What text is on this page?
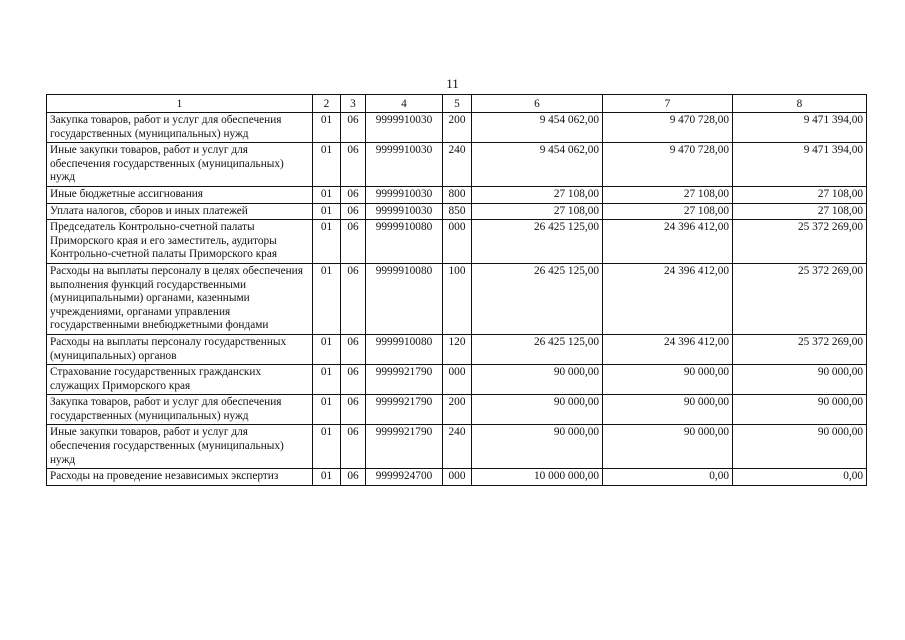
11
1	2	3	4	5	6	7	8
Закупка товаров, работ и услуг для обеспечения государственных (муниципальных) нужд	01	06	9999910030	200	9 454 062,00	9 470 728,00	9 471 394,00
Иные закупки товаров, работ и услуг для обеспечения государственных (муниципальных) нужд	01	06	9999910030	240	9 454 062,00	9 470 728,00	9 471 394,00
Иные бюджетные ассигнования	01	06	9999910030	800	27 108,00	27 108,00	27 108,00
Уплата налогов, сборов и иных платежей	01	06	9999910030	850	27 108,00	27 108,00	27 108,00
Председатель Контрольно-счетной палаты Приморского края и его заместитель, аудиторы Контрольно-счетной палаты Приморского края	01	06	9999910080	000	26 425 125,00	24 396 412,00	25 372 269,00
Расходы на выплаты персоналу в целях обеспечения выполнения функций государственными (муниципальными) органами, казенными учреждениями, органами управления государственными внебюджетными фондами	01	06	9999910080	100	26 425 125,00	24 396 412,00	25 372 269,00
Расходы на выплаты персоналу государственных (муниципальных) органов	01	06	9999910080	120	26 425 125,00	24 396 412,00	25 372 269,00
Страхование государственных гражданских служащих Приморского края	01	06	9999921790	000	90 000,00	90 000,00	90 000,00
Закупка товаров, работ и услуг для обеспечения государственных (муниципальных) нужд	01	06	9999921790	200	90 000,00	90 000,00	90 000,00
Иные закупки товаров, работ и услуг для обеспечения государственных (муниципальных) нужд	01	06	9999921790	240	90 000,00	90 000,00	90 000,00
Расходы на проведение независимых экспертиз	01	06	9999924700	000	10 000 000,00	0,00	0,00
